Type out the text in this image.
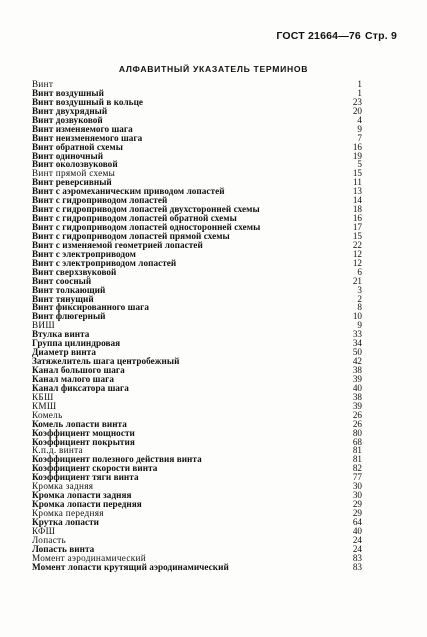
ГОСТ 21664—76 Стр. 9
АЛФАВИТНЫЙ УКАЗАТЕЛЬ ТЕРМИНОВ
Винт	1
Винт воздушный	1
Винт воздушный в кольце	23
Винт двухрядный	20
Винт дозвуковой	4
Винт изменяемого шага	9
Винт неизменяемого шага	7
Винт обратной схемы	16
Винт одиночный	19
Винт околозвуковой	5
Винт прямой схемы	15
Винт реверсивный	11
Винт с аэромеханическим приводом лопастей	13
Винт с гидроприводом лопастей	14
Винт с гидроприводом лопастей двухсторонней схемы	18
Винт с гидроприводом лопастей обратной схемы	16
Винт с гидроприводом лопастей односторонней схемы	17
Винт с гидроприводом лопастей прямой схемы	15
Винт с изменяемой геометрией лопастей	22
Винт с электроприводом	12
Винт с электроприводом лопастей	12
Винт сверхзвуковой	6
Винт соосный	21
Винт толкающий	3
Винт тянущий	2
Винт фиксированного шага	8
Винт флюгерный	10
ВИШ	9
Втулка винта	33
Группа цилиндровая	34
Диаметр винта	50
Затяжелитель шага центробежный	42
Канал большого шага	38
Канал малого шага	39
Канал фиксатора шага	40
КБШ	38
КМШ	39
Комель	26
Комель лопасти винта	26
Коэффициент мощности	80
Коэффициент покрытия	68
К.п.д. винта	81
Коэффициент полезного действия винта	81
Коэффициент скорости винта	82
Коэффициент тяги винта	77
Кромка задняя	30
Кромка лопасти задняя	30
Кромка лопасти передняя	29
Кромка передняя	29
Крутка лопасти	64
КФШ	40
Лопасть	24
Лопасть винта	24
Момент аэродинамический	83
Момент лопасти крутящий аэродинамический	83
